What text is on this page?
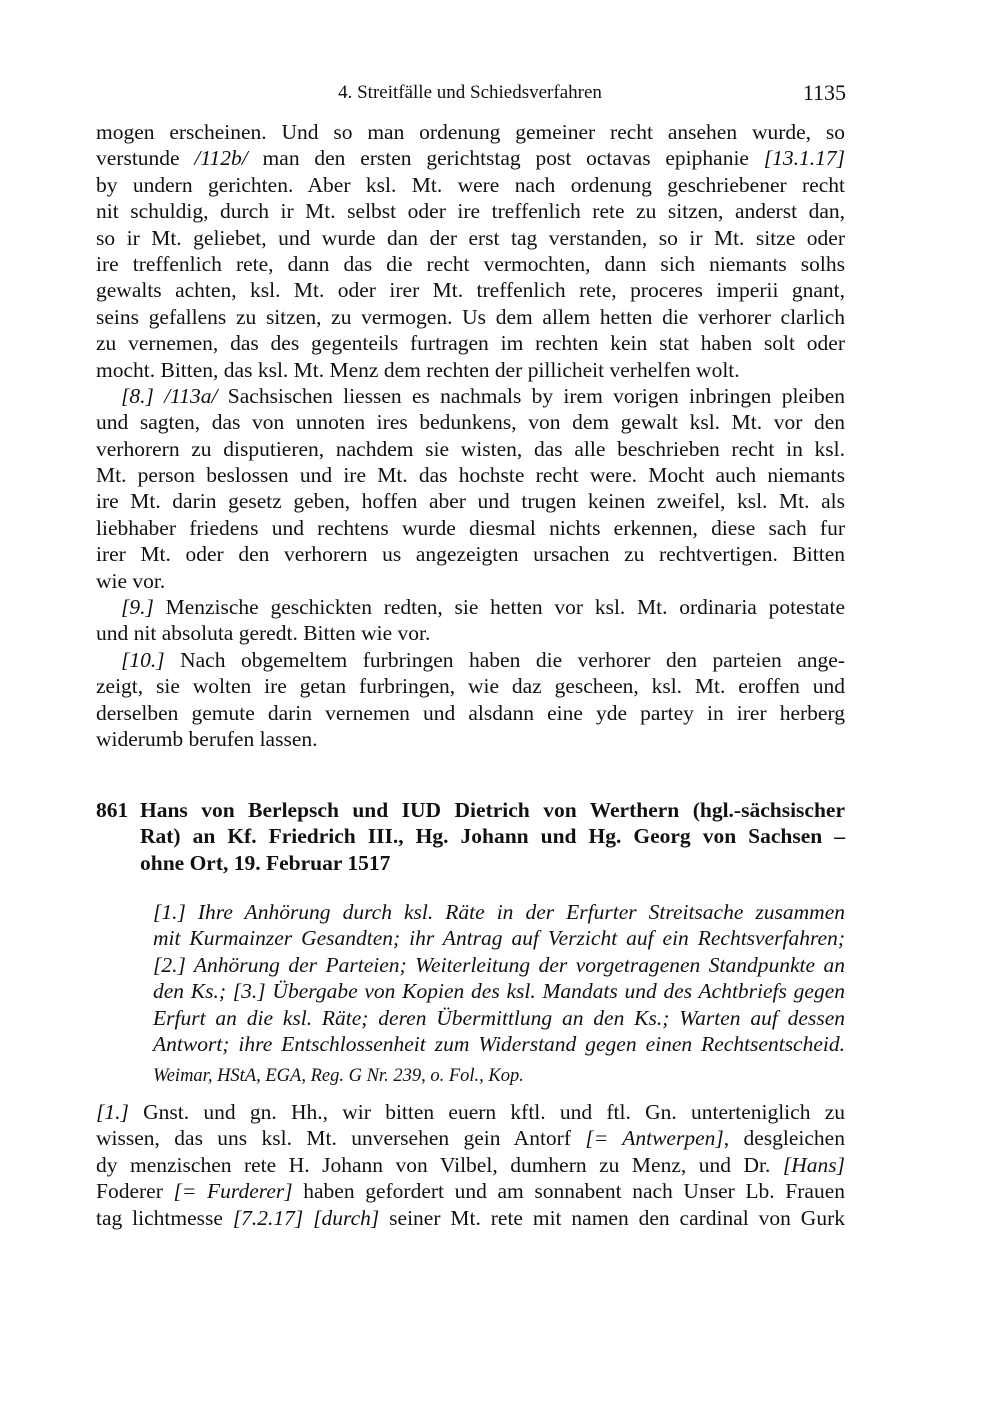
4. Streitfälle und Schiedsverfahren	1135
mogen erscheinen. Und so man ordenung gemeiner recht ansehen wurde, so
verstunde /112b/ man den ersten gerichtstag post octavas epiphanie [13.1.17]
by undern gerichten. Aber ksl. Mt. were nach ordenung geschriebener recht
nit schuldig, durch ir Mt. selbst oder ire treffenlich rete zu sitzen, anderst dan,
so ir Mt. geliebet, und wurde dan der erst tag verstanden, so ir Mt. sitze oder
ire treffenlich rete, dann das die recht vermochten, dann sich niemants solhs
gewalts achten, ksl. Mt. oder irer Mt. treffenlich rete, proceres imperii gnant,
seins gefallens zu sitzen, zu vermogen. Us dem allem hetten die verhorer clarlich
zu vernemen, das des gegenteils furtragen im rechten kein stat haben solt oder
mocht. Bitten, das ksl. Mt. Menz dem rechten der pillicheit verhelfen wolt.
[8.] /113a/ Sachsischen liessen es nachmals by irem vorigen inbringen pleiben
und sagten, das von unnoten ires bedunkens, von dem gewalt ksl. Mt. vor den
verhorern zu disputieren, nachdem sie wisten, das alle beschrieben recht in ksl.
Mt. person beslossen und ire Mt. das hochste recht were. Mocht auch niemants
ire Mt. darin gesetz geben, hoffen aber und trugen keinen zweifel, ksl. Mt. als
liebhaber friedens und rechtens wurde diesmal nichts erkennen, diese sach fur
irer Mt. oder den verhorern us angezeigten ursachen zu rechtvertigen. Bitten
wie vor.
[9.] Menzische geschickten redten, sie hetten vor ksl. Mt. ordinaria potestate
und nit absoluta geredt. Bitten wie vor.
[10.] Nach obgemeltem furbringen haben die verhorer den parteien ange-
zeigt, sie wolten ire getan furbringen, wie daz gescheen, ksl. Mt. eroffen und
derselben gemute darin vernemen und alsdann eine yde partey in irer herberg
widerumb berufen lassen.
861 Hans von Berlepsch und IUD Dietrich von Werthern (hgl.-sächsischer
Rat) an Kf. Friedrich III., Hg. Johann und Hg. Georg von Sachsen –
ohne Ort, 19. Februar 1517
[1.] Ihre Anhörung durch ksl. Räte in der Erfurter Streitsache zusammen
mit Kurmainzer Gesandten; ihr Antrag auf Verzicht auf ein Rechtsverfahren;
[2.] Anhörung der Parteien; Weiterleitung der vorgetragenen Standpunkte an
den Ks.; [3.] Übergabe von Kopien des ksl. Mandats und des Achtbriefs gegen
Erfurt an die ksl. Räte; deren Übermittlung an den Ks.; Warten auf dessen
Antwort; ihre Entschlossenheit zum Widerstand gegen einen Rechtsentscheid.
Weimar, HStA, EGA, Reg. G Nr. 239, o. Fol., Kop.
[1.] Gnst. und gn. Hh., wir bitten euern kftl. und ftl. Gn. unterteniglich zu
wissen, das uns ksl. Mt. unversehen gein Antorf [= Antwerpen], desgleichen
dy menzischen rete H. Johann von Vilbel, dumhern zu Menz, und Dr. [Hans]
Foderer [= Furderer] haben gefordert und am sonnabent nach Unser Lb. Frauen
tag lichtmesse [7.2.17] [durch] seiner Mt. rete mit namen den cardinal von Gurk
